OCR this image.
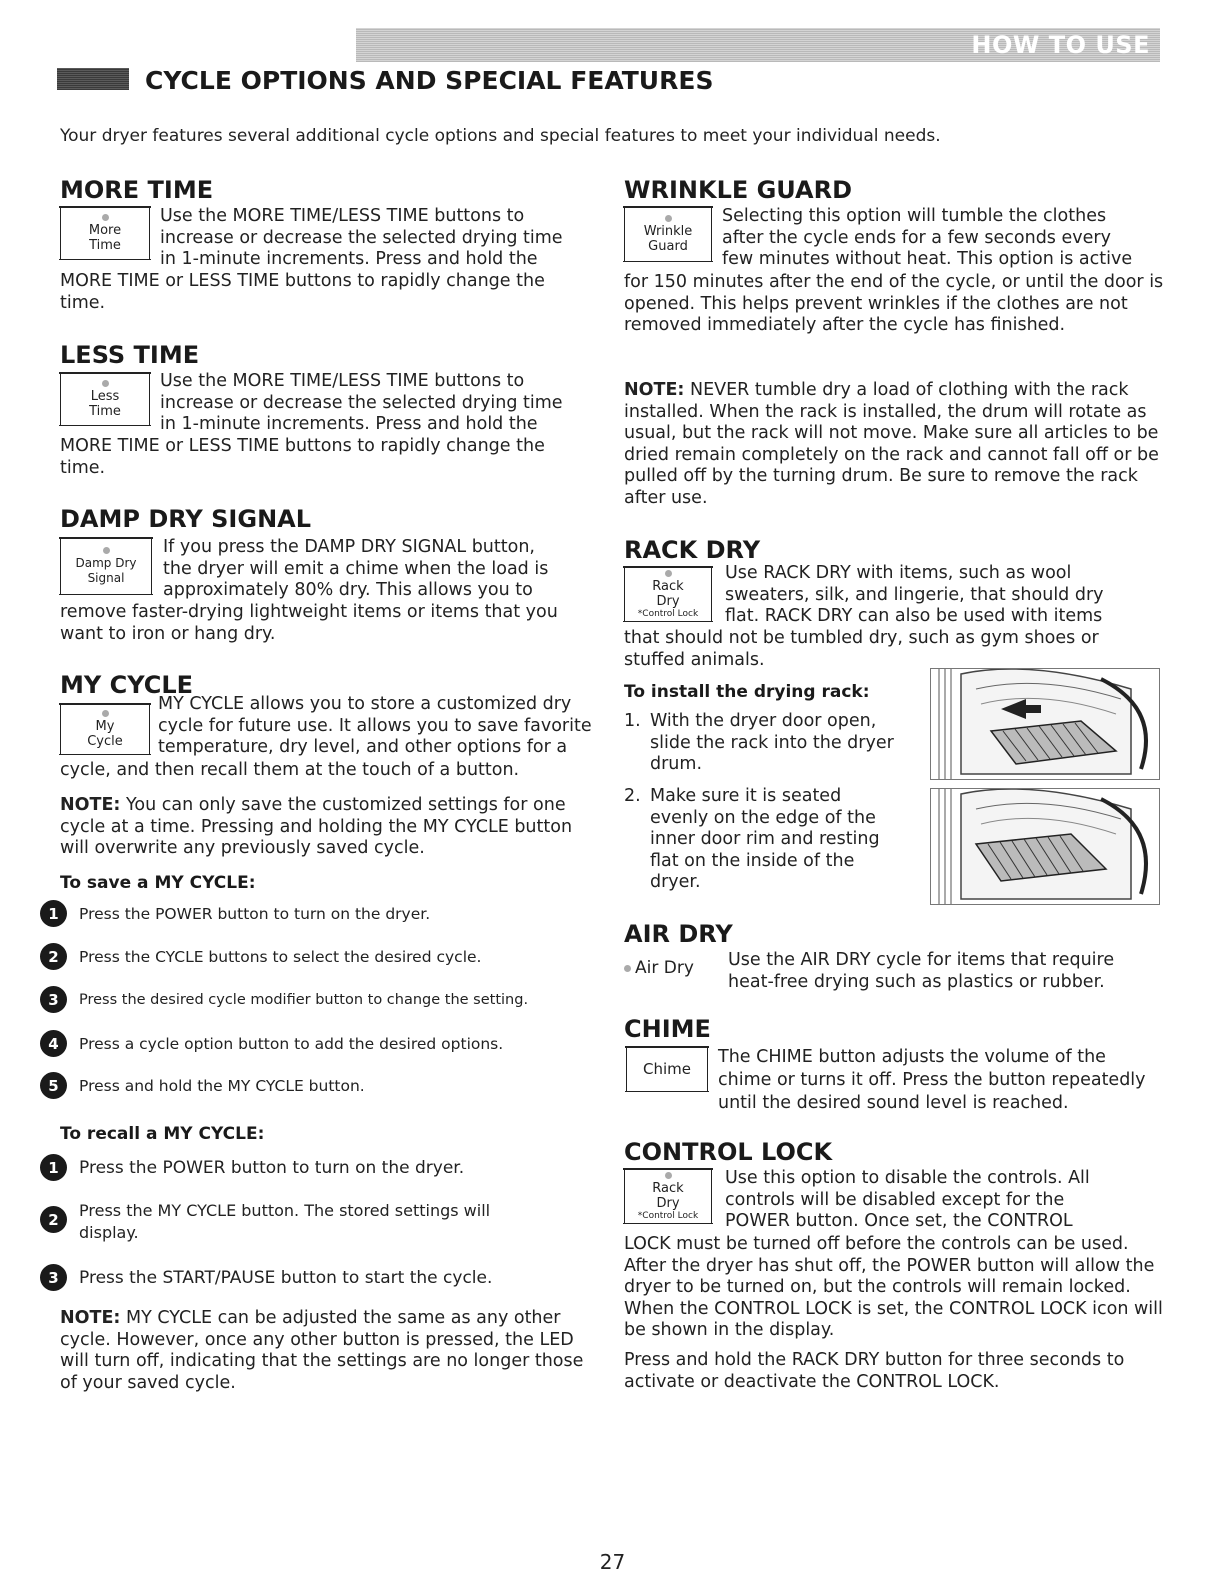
HOW TO USE
CYCLE OPTIONS AND SPECIAL FEATURES
Your dryer features several additional cycle options and special features to meet your individual needs.
MORE TIME
More
Time

Use the MORE TIME/LESS TIME buttons to

increase or decrease the selected drying time

in 1-minute increments. Press and hold the

MORE TIME or LESS TIME buttons to rapidly change the time.

LESS TIME
Less
Time

Use the MORE TIME/LESS TIME buttons to

increase or decrease the selected drying time

in 1-minute increments. Press and hold the

MORE TIME or LESS TIME buttons to rapidly change the time.

DAMP DRY SIGNAL
Damp Dry
Signal

If you press the DAMP DRY SIGNAL button,

the dryer will emit a chime when the load is

approximately 80% dry. This allows you to

remove faster-drying lightweight items or items that you want to iron or hang dry.

MY CYCLE
My
Cycle

MY CYCLE allows you to store a customized dry

cycle for future use. It allows you to save favorite

temperature, dry level, and other options for a

cycle, and then recall them at the touch of a button.

NOTE: You can only save the customized settings for one cycle at a time. Pressing and holding the MY CYCLE button will overwrite any previously saved cycle.

To save a MY CYCLE:
1	Press the POWER button to turn on the dryer.
2	Press the CYCLE buttons to select the desired cycle.
3	Press the desired cycle modifier button to change the setting.
4	Press a cycle option button to add the desired options.
5	Press and hold the MY CYCLE button.
To recall a MY CYCLE:
1	Press the POWER button to turn on the dryer.
2	Press the MY CYCLE button. The stored settings will display.
3	Press the START/PAUSE button to start the cycle.

NOTE: MY CYCLE can be adjusted the same as any other cycle. However, once any other button is pressed, the LED will turn off, indicating that the settings are no longer those of your saved cycle.

WRINKLE GUARD
Wrinkle
Guard

Selecting this option will tumble the clothes

after the cycle ends for a few seconds every

few minutes without heat. This option is active

for 150 minutes after the end of the cycle, or until the door is opened. This helps prevent wrinkles if the clothes are not removed immediately after the cycle has finished.

NOTE: NEVER tumble dry a load of clothing with the rack installed. When the rack is installed, the drum will rotate as usual, but the rack will not move. Make sure all articles to be dried remain completely on the rack and cannot fall off or be pulled off by the turning drum. Be sure to remove the rack after use.

RACK DRY
Rack
Dry
*Control Lock

Use RACK DRY with items, such as wool

sweaters, silk, and lingerie, that should dry

flat. RACK DRY can also be used with items

that should not be tumbled dry, such as gym shoes or stuffed animals.

To install the drying rack:
1. With the dryer door open, slide the rack into the dryer drum.
2. Make sure it is seated evenly on the edge of the inner door rim and resting flat on the inside of the dryer.
AIR DRY
Air Dry Use the AIR DRY cycle for items that require heat-free drying such as plastics or rubber.

CHIME
Chime

The CHIME button adjusts the volume of the chime or turns it off. Press the button repeatedly until the desired sound level is reached.

CONTROL LOCK
Rack
Dry
*Control Lock

Use this option to disable the controls. All

controls will be disabled except for the

POWER button. Once set, the CONTROL

LOCK must be turned off before the controls can be used. After the dryer has shut off, the POWER button will allow the dryer to be turned on, but the controls will remain locked. When the CONTROL LOCK is set, the CONTROL LOCK icon will be shown in the display.

Press and hold the RACK DRY button for three seconds to activate or deactivate the CONTROL LOCK.

27
